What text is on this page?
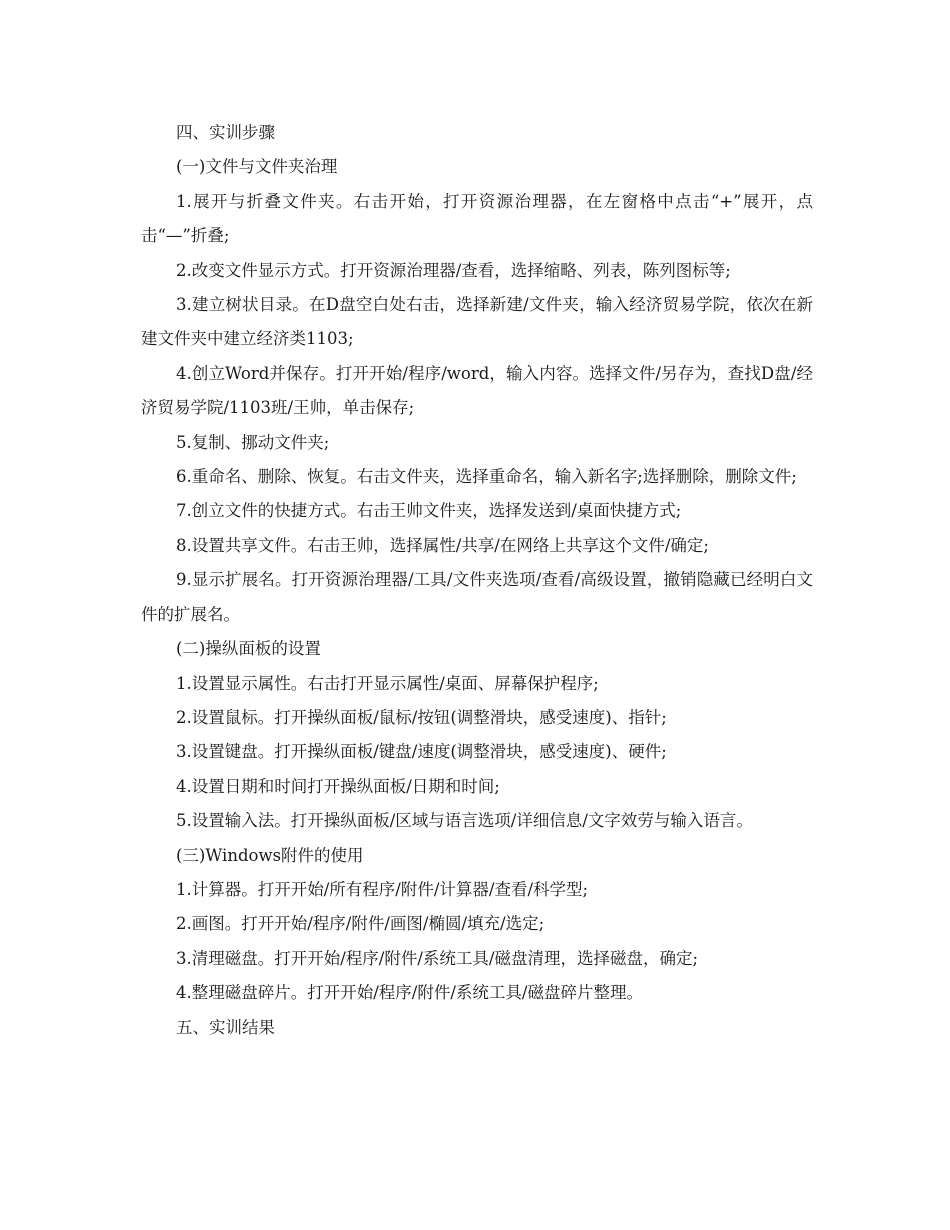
四、实训步骤

(一)文件与文件夹治理

1.展开与折叠文件夹。右击开始，打开资源治理器，在左窗格中点击“+”展开，点击“—”折叠;

2.改变文件显示方式。打开资源治理器/查看，选择缩略、列表，陈列图标等;

3.建立树状目录。在D盘空白处右击，选择新建/文件夹，输入经济贸易学院，依次在新建文件夹中建立经济类1103;

4.创立Word并保存。打开开始/程序/word，输入内容。选择文件/另存为，查找D盘/经济贸易学院/1103班/王帅，单击保存;

5.复制、挪动文件夹;

6.重命名、删除、恢复。右击文件夹，选择重命名，输入新名字;选择删除，删除文件;

7.创立文件的快捷方式。右击王帅文件夹，选择发送到/桌面快捷方式;

8.设置共享文件。右击王帅，选择属性/共享/在网络上共享这个文件/确定;

9.显示扩展名。打开资源治理器/工具/文件夹选项/查看/高级设置，撤销隐藏已经明白文件的扩展名。

(二)操纵面板的设置

1.设置显示属性。右击打开显示属性/桌面、屏幕保护程序;

2.设置鼠标。打开操纵面板/鼠标/按钮(调整滑块，感受速度)、指针;

3.设置键盘。打开操纵面板/键盘/速度(调整滑块，感受速度)、硬件;

4.设置日期和时间打开操纵面板/日期和时间;

5.设置输入法。打开操纵面板/区域与语言选项/详细信息/文字效劳与输入语言。

(三)Windows附件的使用

1.计算器。打开开始/所有程序/附件/计算器/查看/科学型;

2.画图。打开开始/程序/附件/画图/椭圆/填充/选定;

3.清理磁盘。打开开始/程序/附件/系统工具/磁盘清理，选择磁盘，确定;

4.整理磁盘碎片。打开开始/程序/附件/系统工具/磁盘碎片整理。

五、实训结果
